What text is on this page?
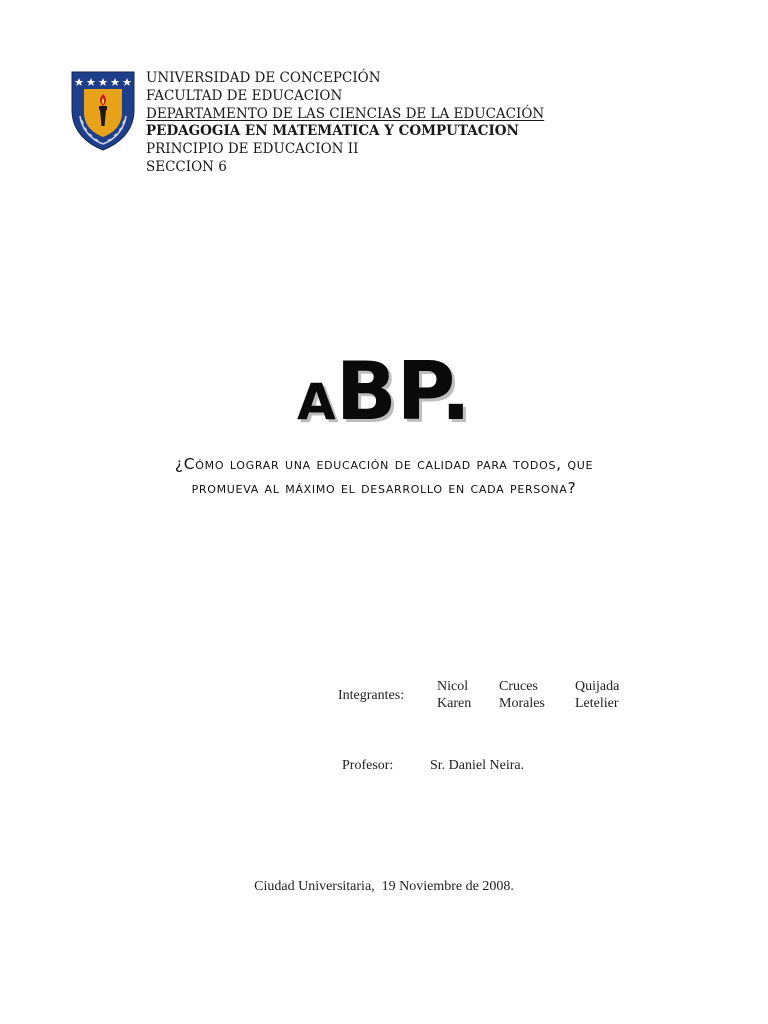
UNIVERSIDAD DE CONCEPCIÓN
FACULTAD DE EDUCACION
DEPARTAMENTO DE LAS CIENCIAS DE LA EDUCACIÓN
PEDAGOGIA EN MATEMATICA Y COMPUTACION
PRINCIPIO DE EDUCACION II
SECCION 6
ABP.
¿Cómo lograr una educación de calidad para todos, que
promueva al máximo el desarrollo en cada persona?
Integrantes:
Nicol Cruces	Quijada
Karen Morales Letelier
Profesor:	Sr. Daniel Neira.
Ciudad Universitaria,  19 Noviembre de 2008.
